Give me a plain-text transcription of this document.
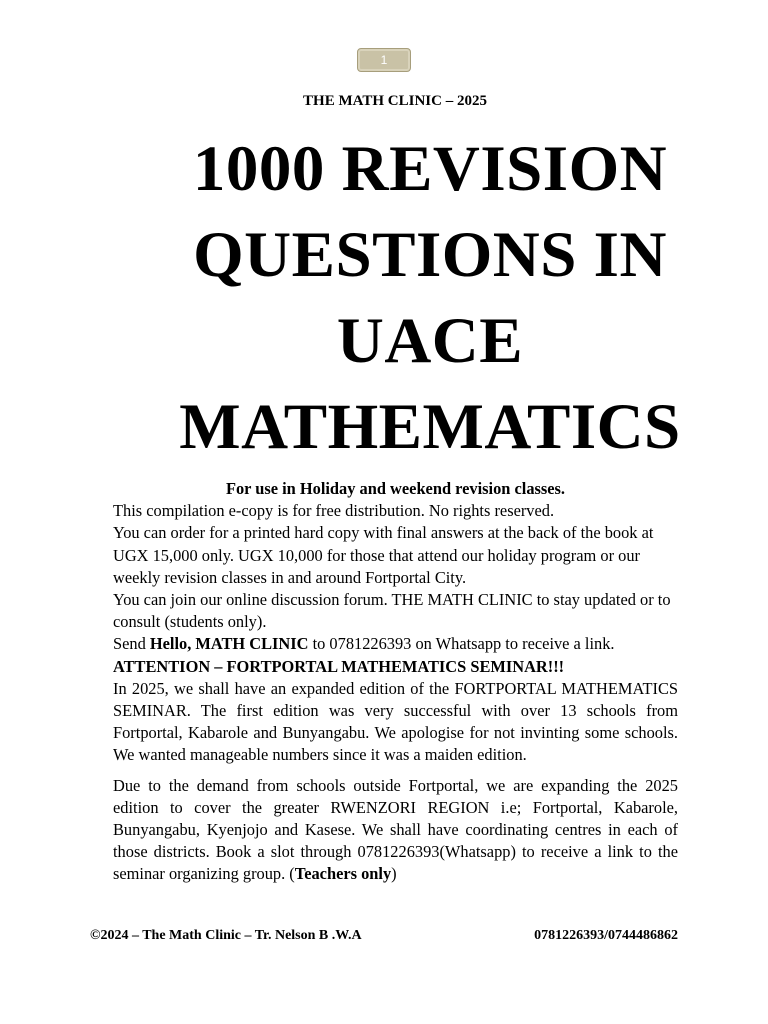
1
THE MATH CLINIC – 2025
1000 REVISION
QUESTIONS IN
UACE
MATHEMATICS

For use in Holiday and weekend revision classes.

This compilation e-copy is for free distribution. No rights reserved.

You can order for a printed hard copy with final answers at the back of the book at UGX 15,000 only. UGX 10,000 for those that attend our holiday program or our weekly revision classes in and around Fortportal City.

You can join our online discussion forum. THE MATH CLINIC to stay updated or to consult (students only).

Send Hello, MATH CLINIC to 0781226393 on Whatsapp to receive a link.

ATTENTION – FORTPORTAL MATHEMATICS SEMINAR!!!

In 2025, we shall have an expanded edition of the FORTPORTAL MATHEMATICS SEMINAR. The first edition was very successful with over 13 schools from Fortportal, Kabarole and Bunyangabu. We apologise for not invinting some schools. We wanted manageable numbers since it was a maiden edition.

Due to the demand from schools outside Fortportal, we are expanding the 2025 edition to cover the greater RWENZORI REGION i.e; Fortportal, Kabarole, Bunyangabu, Kyenjojo and Kasese. We shall have coordinating centres in each of those districts. Book a slot through 0781226393(Whatsapp) to receive a link to the seminar organizing group. (Teachers only)

©2024 – The Math Clinic – Tr. Nelson B .W.A	0781226393/0744486862
